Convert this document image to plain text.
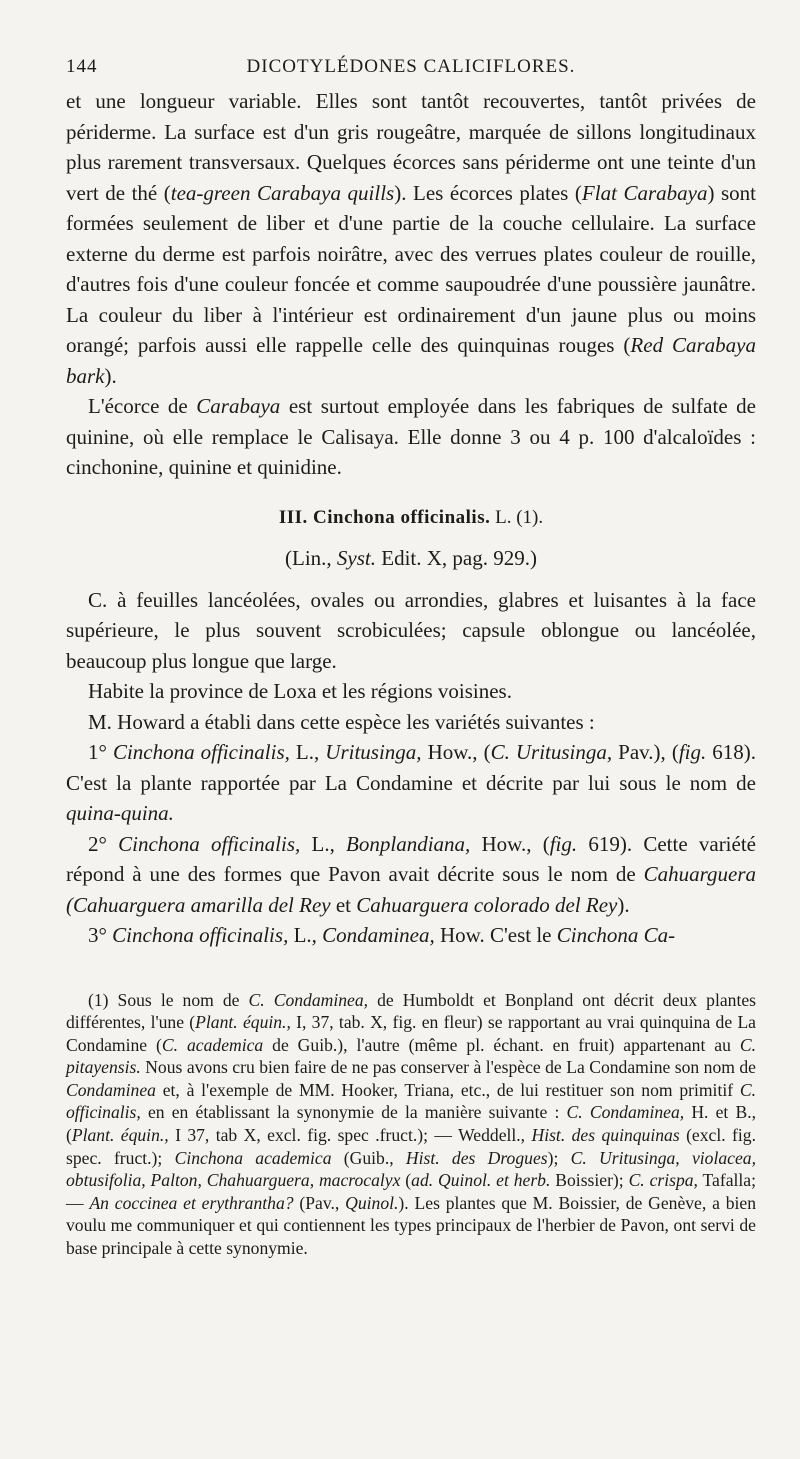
144	DICOTYLÉDONES CALICIFLORES.

et une longueur variable. Elles sont tantôt recouvertes, tantôt privées de périderme. La surface est d'un gris rougeâtre, marquée de sillons longitudinaux plus rarement transversaux. Quelques écorces sans périderme ont une teinte d'un vert de thé (tea-green Carabaya quills). Les écorces plates (Flat Carabaya) sont formées seulement de liber et d'une partie de la couche cellulaire. La surface externe du derme est parfois noirâtre, avec des verrues plates couleur de rouille, d'autres fois d'une couleur foncée et comme saupoudrée d'une poussière jaunâtre. La couleur du liber à l'intérieur est ordinairement d'un jaune plus ou moins orangé; parfois aussi elle rappelle celle des quinquinas rouges (Red Carabaya bark).

L'écorce de Carabaya est surtout employée dans les fabriques de sulfate de quinine, où elle remplace le Calisaya. Elle donne 3 ou 4 p. 100 d'alcaloïdes : cinchonine, quinine et quinidine.

III. Cinchona officinalis. L. (1).
(Lin., Syst. Edit. X, pag. 929.)

C. à feuilles lancéolées, ovales ou arrondies, glabres et luisantes à la face supérieure, le plus souvent scrobiculées; capsule oblongue ou lancéolée, beaucoup plus longue que large.

Habite la province de Loxa et les régions voisines.

M. Howard a établi dans cette espèce les variétés suivantes :

1° Cinchona officinalis, L., Uritusinga, How., (C. Uritusinga, Pav.), (fig. 618). C'est la plante rapportée par La Condamine et décrite par lui sous le nom de quina-quina.

2° Cinchona officinalis, L., Bonplandiana, How., (fig. 619). Cette variété répond à une des formes que Pavon avait décrite sous le nom de Cahuarguera (Cahuarguera amarilla del Rey et Cahuarguera colorado del Rey).

3° Cinchona officinalis, L., Condaminea, How. C'est le Cinchona Ca-

(1) Sous le nom de C. Condaminea, de Humboldt et Bonpland ont décrit deux plantes différentes, l'une (Plant. équin., I, 37, tab. X, fig. en fleur) se rapportant au vrai quinquina de La Condamine (C. academica de Guib.), l'autre (même pl. échant. en fruit) appartenant au C. pitayensis. Nous avons cru bien faire de ne pas conserver à l'espèce de La Condamine son nom de Condaminea et, à l'exemple de MM. Hooker, Triana, etc., de lui restituer son nom primitif C. officinalis, en en établissant la synonymie de la manière suivante : C. Condaminea, H. et B., (Plant. équin., I 37, tab X, excl. fig. spec .fruct.); — Weddell., Hist. des quinquinas (excl. fig. spec. fruct.); Cinchona academica (Guib., Hist. des Drogues); C. Uritusinga, violacea, obtusifolia, Palton, Chahuarguera, macrocalyx (ad. Quinol. et herb. Boissier); C. crispa, Tafalla; — An coccinea et erythrantha? (Pav., Quinol.). Les plantes que M. Boissier, de Genève, a bien voulu me communiquer et qui contiennent les types principaux de l'herbier de Pavon, ont servi de base principale à cette synonymie.
